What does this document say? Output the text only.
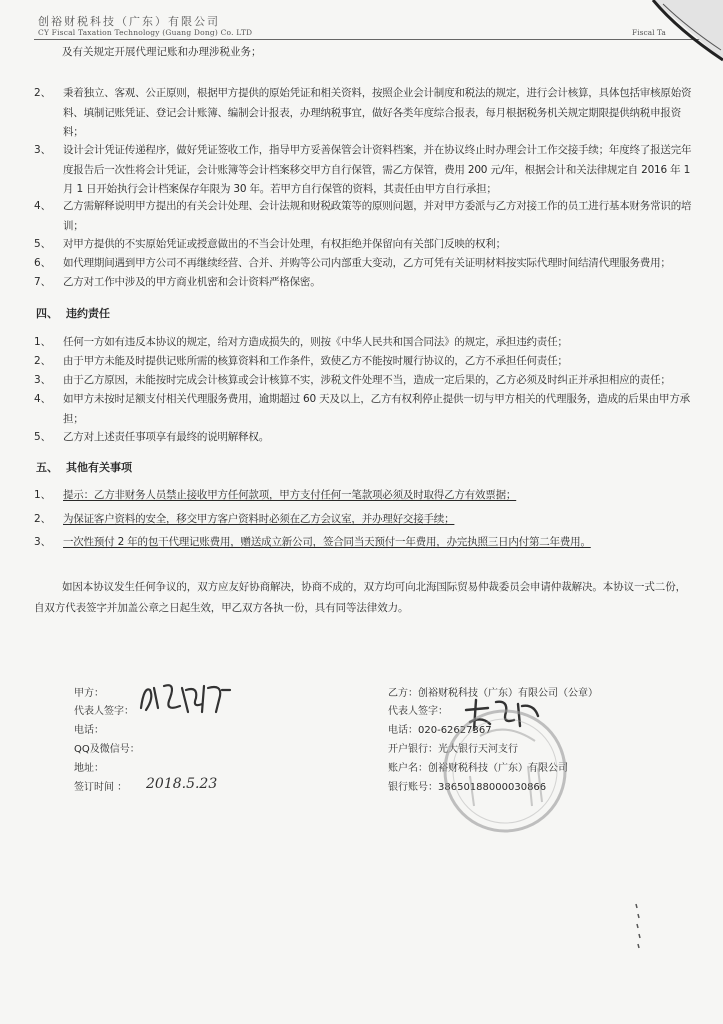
创裕财税科技（广东）有限公司
CY Fiscal Taxation Technology (Guang Dong) Co. LTD	Fiscal Ta
及有关规定开展代理记账和办理涉税业务；
2、 秉着独立、客观、公正原则，根据甲方提供的原始凭证和相关资料，按照企业会计制度和税法的规定，进行会计核算，具体包括审核原始资料、填制记账凭证、登记会计账簿、编制会计报表，办理纳税事宜，做好各类年度综合报表，每月根据税务机关规定期限提供纳税申报资料；
3、 设计会计凭证传递程序，做好凭证签收工作，指导甲方妥善保管会计资料档案，并在协议终止时办理会计工作交接手续；年度终了报送完年度报告后一次性将会计凭证，会计账簿等会计档案移交甲方自行保管，需乙方保管，费用 200 元/年，根据会计和关法律规定自 2016 年 1 月 1 日开始执行会计档案保存年限为 30 年。若甲方自行保管的资料，其责任由甲方自行承担；
4、 乙方需解释说明甲方提出的有关会计处理、会计法规和财税政策等的原则问题，并对甲方委派与乙方对接工作的员工进行基本财务常识的培训；
5、 对甲方提供的不实原始凭证或授意做出的不当会计处理，有权拒绝并保留向有关部门反映的权利；
6、 如代理期间遇到甲方公司不再继续经营、合并、并购等公司内部重大变动，乙方可凭有关证明材料按实际代理时间结清代理服务费用；
7、 乙方对工作中涉及的甲方商业机密和会计资料严格保密。
四、 违约责任
1、 任何一方如有违反本协议的规定，给对方造成损失的，则按《中华人民共和国合同法》的规定，承担违约责任；
2、 由于甲方未能及时提供记账所需的核算资料和工作条件，致使乙方不能按时履行协议的，乙方不承担任何责任；
3、 由于乙方原因，未能按时完成会计核算或会计核算不实，涉税文件处理不当，造成一定后果的，乙方必须及时纠正并承担相应的责任；
4、 如甲方未按时足额支付相关代理服务费用，逾期超过 60 天及以上，乙方有权利停止提供一切与甲方相关的代理服务，造成的后果由甲方承担；
5、 乙方对上述责任事项享有最终的说明解释权。
五、 其他有关事项
1、 提示：乙方非财务人员禁止接收甲方任何款项，甲方支付任何一笔款项必须及时取得乙方有效票据；
2、 为保证客户资料的安全，移交甲方客户资料时必须在乙方会议室，并办理好交接手续；
3、 一次性预付 2 年的包干代理记账费用，赠送成立新公司，签合同当天预付一年费用，办完执照三日内付第二年费用。
如因本协议发生任何争议的，双方应友好协商解决，协商不成的，双方均可向北海国际贸易仲裁委员会申请仲裁解决。本协议一式二份，自双方代表签字并加盖公章之日起生效，甲乙双方各执一份，具有同等法律效力。
甲方：
代表人签字：
电话：
QQ及微信号：
地址：
签订时间 ： 2018.5.23
乙方：创裕财税科技（广东）有限公司（公章）
代表人签字：
电话：020-62627367
开户银行：光大银行天河支行
账户名：创裕财税科技（广东）有限公司
银行账号：38650188000030866
